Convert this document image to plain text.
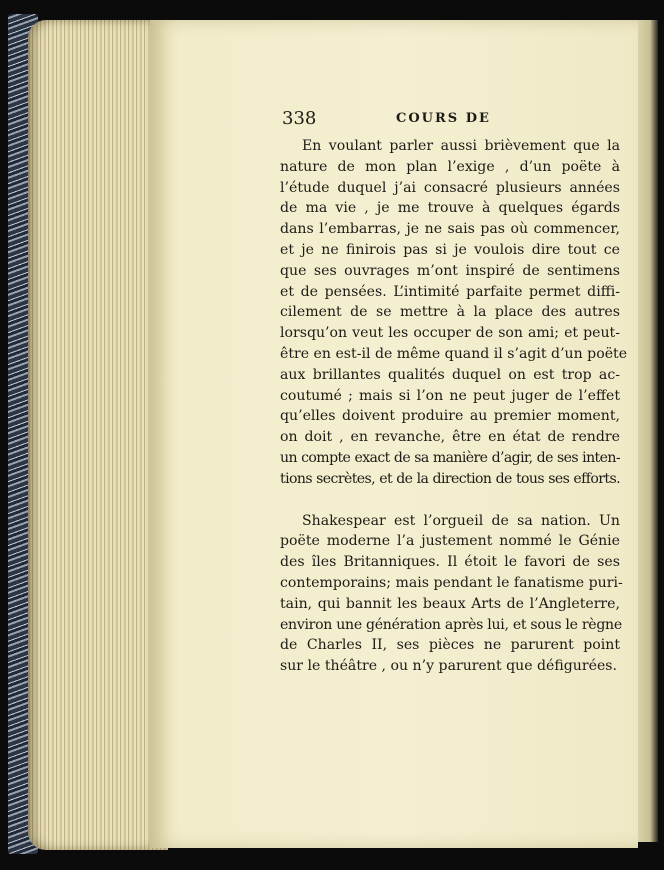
338	COURS DE
En voulant parler aussi brièvement que la
nature de mon plan l’exige , d’un poëte à
l’étude duquel j’ai consacré plusieurs années
de ma vie , je me trouve à quelques égards
dans l’embarras, je ne sais pas où commencer,
et je ne finirois pas si je voulois dire tout ce
que ses ouvrages m’ont inspiré de sentimens
et de pensées. L’intimité parfaite permet diffi-
cilement de se mettre à la place des autres
lorsqu’on veut les occuper de son ami; et peut-
être en est-il de même quand il s’agit d’un poëte
aux brillantes qualités duquel on est trop ac-
coutumé ; mais si l’on ne peut juger de l’effet
qu’elles doivent produire au premier moment,
on doit , en revanche, être en état de rendre
un compte exact de sa manière d’agir, de ses inten-
tions secrètes, et de la direction de tous ses efforts.
Shakespear est l’orgueil de sa nation. Un
poëte moderne l’a justement nommé le Génie
des îles Britanniques. Il étoit le favori de ses
contemporains; mais pendant le fanatisme puri-
tain, qui bannit les beaux Arts de l’Angleterre,
environ une génération après lui, et sous le règne
de Charles II, ses pièces ne parurent point
sur le théâtre , ou n’y parurent que défigurées.
